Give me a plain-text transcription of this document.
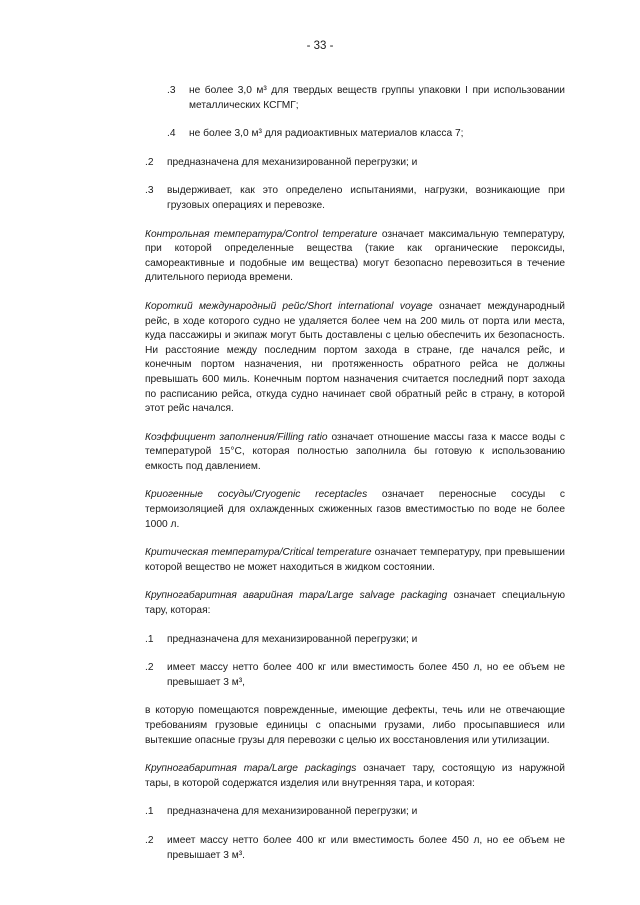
- 33 -
.3	не более 3,0 м³ для твердых веществ группы упаковки I при использовании металлических КСГМГ;
.4	не более 3,0 м³ для радиоактивных материалов класса 7;
.2	предназначена для механизированной перегрузки; и
.3	выдерживает, как это определено испытаниями, нагрузки, возникающие при грузовых операциях и перевозке.

Контрольная температура/Control temperature означает максимальную температуру, при которой определенные вещества (такие как органические пероксиды, самореактивные и подобные им вещества) могут безопасно перевозиться в течение длительного периода времени.

Короткий международный рейс/Short international voyage означает международный рейс, в ходе которого судно не удаляется более чем на 200 миль от порта или места, куда пассажиры и экипаж могут быть доставлены с целью обеспечить их безопасность. Ни расстояние между последним портом захода в стране, где начался рейс, и конечным портом назначения, ни протяженность обратного рейса не должны превышать 600 миль. Конечным портом назначения считается последний порт захода по расписанию рейса, откуда судно начинает свой обратный рейс в страну, в которой этот рейс начался.

Коэффициент заполнения/Filling ratio означает отношение массы газа к массе воды с температурой 15°C, которая полностью заполнила бы готовую к использованию емкость под давлением.

Криогенные сосуды/Cryogenic receptacles означает переносные сосуды с термоизоляцией для охлажденных сжиженных газов вместимостью по воде не более 1000 л.

Критическая температура/Critical temperature означает температуру, при превышении которой вещество не может находиться в жидком состоянии.

Крупногабаритная аварийная тара/Large salvage packaging означает специальную тару, которая:

.1	предназначена для механизированной перегрузки; и
.2	имеет массу нетто более 400 кг или вместимость более 450 л, но ее объем не превышает 3 м³,

в которую помещаются поврежденные, имеющие дефекты, течь или не отвечающие требованиям грузовые единицы с опасными грузами, либо просыпавшиеся или вытекшие опасные грузы для перевозки с целью их восстановления или утилизации.

Крупногабаритная тара/Large packagings означает тару, состоящую из наружной тары, в которой содержатся изделия или внутренняя тара, и которая:

.1	предназначена для механизированной перегрузки; и
.2	имеет массу нетто более 400 кг или вместимость более 450 л, но ее объем не превышает 3 м³.
